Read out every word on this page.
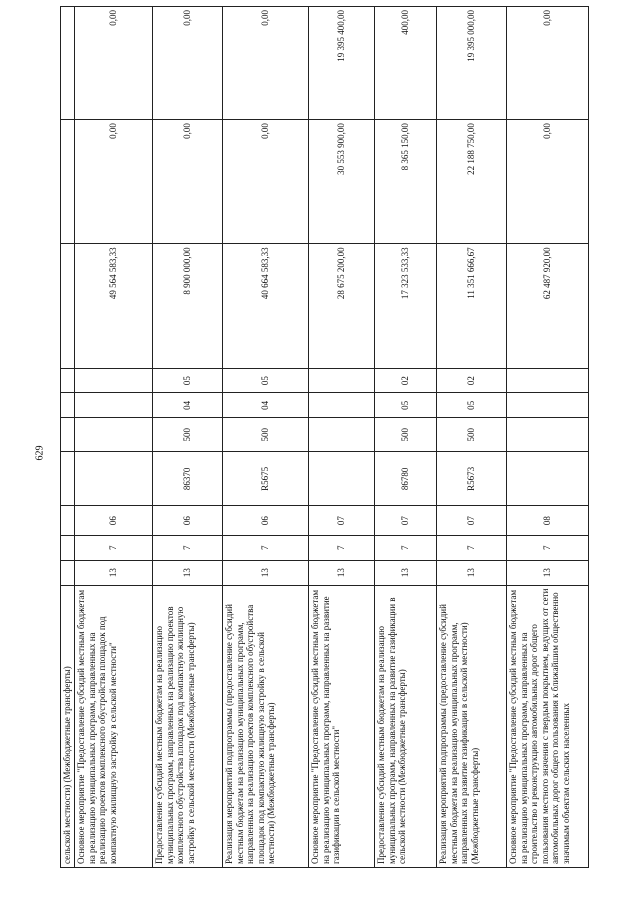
629
сельской местности) (Межбюджетные трансферты)										
Основное мероприятие "Предоставление субсидий местным бюджетам на реализацию муниципальных программ, направленных на реализацию проектов комплексного обустройства площадок под компактную жилищную застройку в сельской местности"	13	7	06					49 564 583,33	0,00	0,00
Предоставление субсидий местным бюджетам на реализацию муниципальных программ, направленных на реализацию проектов комплексного обустройства площадок под компактную жилищную застройку в сельской местности (Межбюджетные трансферты)	13	7	06	86370	500	04	05	8 900 000,00	0,00	0,00
Реализация мероприятий подпрограммы (предоставление субсидий местным бюджетам на реализацию муниципальных программ, направленных на реализацию проектов комплексного обустройства площадок под компактную жилищную застройку в сельской местности) (Межбюджетные трансферты)	13	7	06	R5675	500	04	05	40 664 583,33	0,00	0,00
Основное мероприятие "Предоставление субсидий местным бюджетам на реализацию муниципальных программ, направленных на развитие газификации в сельской местности"	13	7	07					28 675 200,00	30 553 900,00	19 395 400,00
Предоставление субсидий местным бюджетам на реализацию муниципальных программ, направленных на развитие газификации в сельской местности (Межбюджетные трансферты)	13	7	07	86780	500	05	02	17 323 533,33	8 365 150,00	400,00
Реализация мероприятий подпрограммы (предоставление субсидий местным бюджетам на реализацию муниципальных программ, направленных на развитие газификации в сельской местности) (Межбюджетные трансферты)	13	7	07	R5673	500	05	02	11 351 666,67	22 188 750,00	19 395 000,00
Основное мероприятие "Предоставление субсидий местным бюджетам на реализацию муниципальных программ, направленных на строительство и реконструкцию автомобильных дорог общего пользования местного значения с твердым покрытием, ведущих от сети автомобильных дорог общего пользования к ближайшим общественно значимым объектам сельских населенных	13	7	08					62 487 920,00	0,00	0,00
